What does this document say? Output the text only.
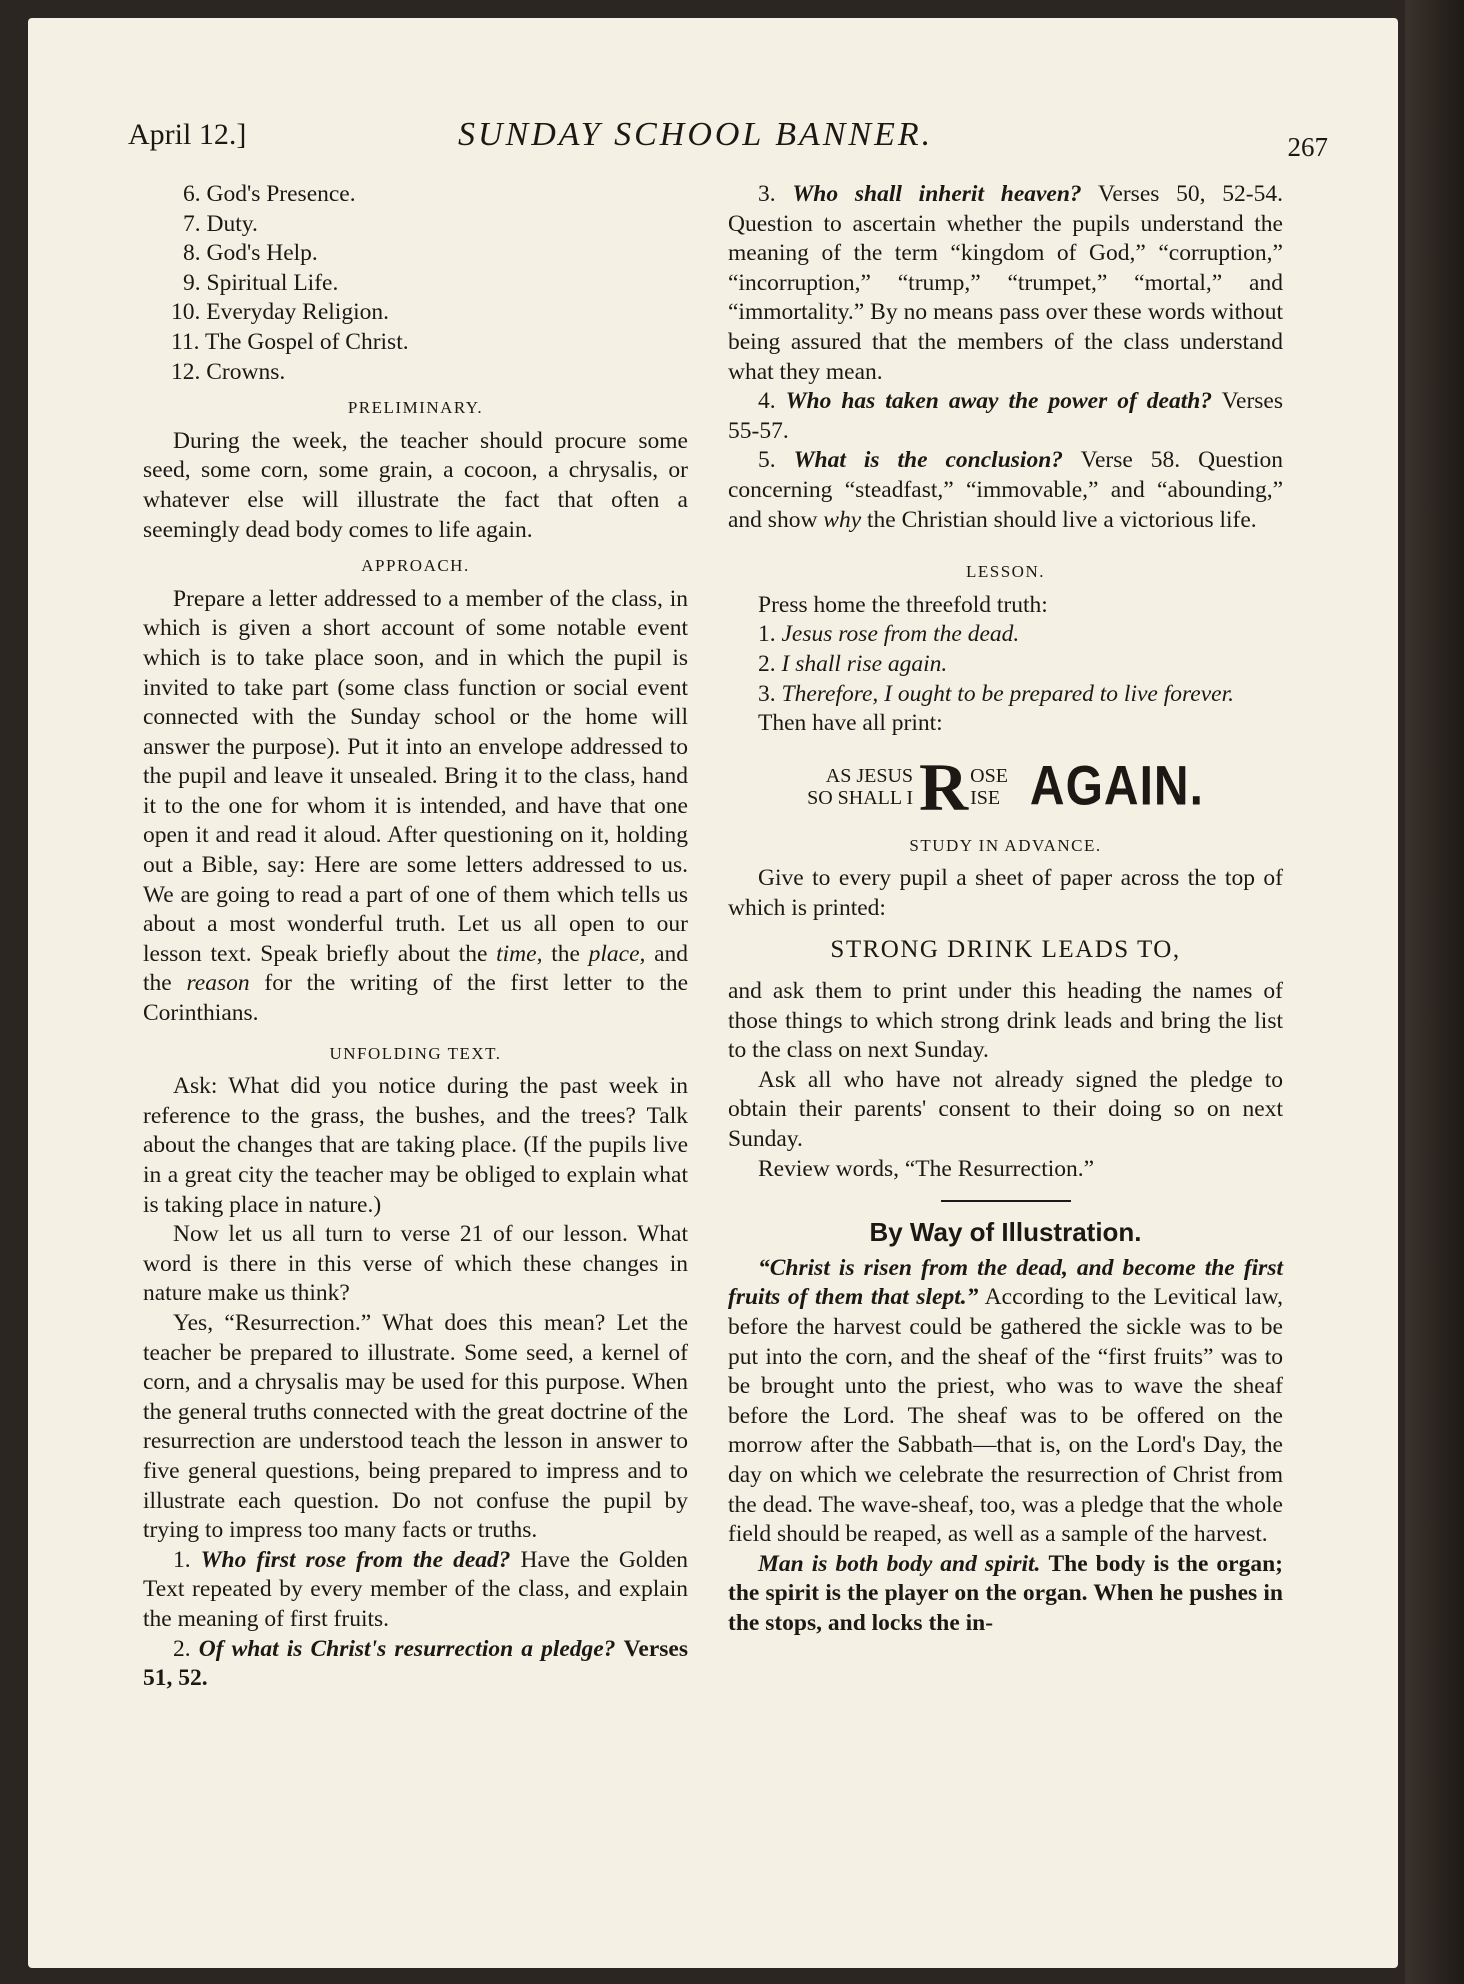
April 12.]	SUNDAY SCHOOL BANNER.	267
6. God's Presence.
7. Duty.
8. God's Help.
9. Spiritual Life.
10. Everyday Religion.
11. The Gospel of Christ.
12. Crowns.
PRELIMINARY.

During the week, the teacher should procure some seed, some corn, some grain, a cocoon, a chrysalis, or whatever else will illustrate the fact that often a seemingly dead body comes to life again.

APPROACH.

Prepare a letter addressed to a member of the class, in which is given a short account of some notable event which is to take place soon, and in which the pupil is invited to take part (some class function or social event connected with the Sunday school or the home will answer the purpose). Put it into an envelope addressed to the pupil and leave it unsealed. Bring it to the class, hand it to the one for whom it is intended, and have that one open it and read it aloud. After questioning on it, holding out a Bible, say: Here are some letters addressed to us. We are going to read a part of one of them which tells us about a most wonderful truth. Let us all open to our lesson text. Speak briefly about the time, the place, and the reason for the writing of the first letter to the Corinthians.

UNFOLDING TEXT.

Ask: What did you notice during the past week in reference to the grass, the bushes, and the trees? Talk about the changes that are taking place. (If the pupils live in a great city the teacher may be obliged to explain what is taking place in nature.)

Now let us all turn to verse 21 of our lesson. What word is there in this verse of which these changes in nature make us think?

Yes, “Resurrection.” What does this mean? Let the teacher be prepared to illustrate. Some seed, a kernel of corn, and a chrysalis may be used for this purpose. When the general truths connected with the great doctrine of the resurrection are understood teach the lesson in answer to five general questions, being prepared to impress and to illustrate each question. Do not confuse the pupil by trying to impress too many facts or truths.

1. Who first rose from the dead? Have the Golden Text repeated by every member of the class, and explain the meaning of first fruits.

2. Of what is Christ's resurrection a pledge? Verses 51, 52.

3. Who shall inherit heaven? Verses 50, 52-54. Question to ascertain whether the pupils understand the meaning of the term “kingdom of God,” “corruption,” “incorruption,” “trump,” “trumpet,” “mortal,” and “immortality.” By no means pass over these words without being assured that the members of the class understand what they mean.

4. Who has taken away the power of death? Verses 55-57.

5. What is the conclusion? Verse 58. Question concerning “steadfast,” “immovable,” and “abounding,” and show why the Christian should live a victorious life.

LESSON.

Press home the threefold truth:

1. Jesus rose from the dead.

2. I shall rise again.

3. Therefore, I ought to be prepared to live forever.

Then have all print:

AS JESUS
SO SHALL I R OSE
ISE AGAIN.
STUDY IN ADVANCE.

Give to every pupil a sheet of paper across the top of which is printed:

STRONG DRINK LEADS TO,

and ask them to print under this heading the names of those things to which strong drink leads and bring the list to the class on next Sunday.

Ask all who have not already signed the pledge to obtain their parents' consent to their doing so on next Sunday.

Review words, “The Resurrection.”

By Way of Illustration.

“Christ is risen from the dead, and become the first fruits of them that slept.” According to the Levitical law, before the harvest could be gathered the sickle was to be put into the corn, and the sheaf of the “first fruits” was to be brought unto the priest, who was to wave the sheaf before the Lord. The sheaf was to be offered on the morrow after the Sabbath—that is, on the Lord's Day, the day on which we celebrate the resurrection of Christ from the dead. The wave-sheaf, too, was a pledge that the whole field should be reaped, as well as a sample of the harvest.

Man is both body and spirit. The body is the organ; the spirit is the player on the organ. When he pushes in the stops, and locks the in-
